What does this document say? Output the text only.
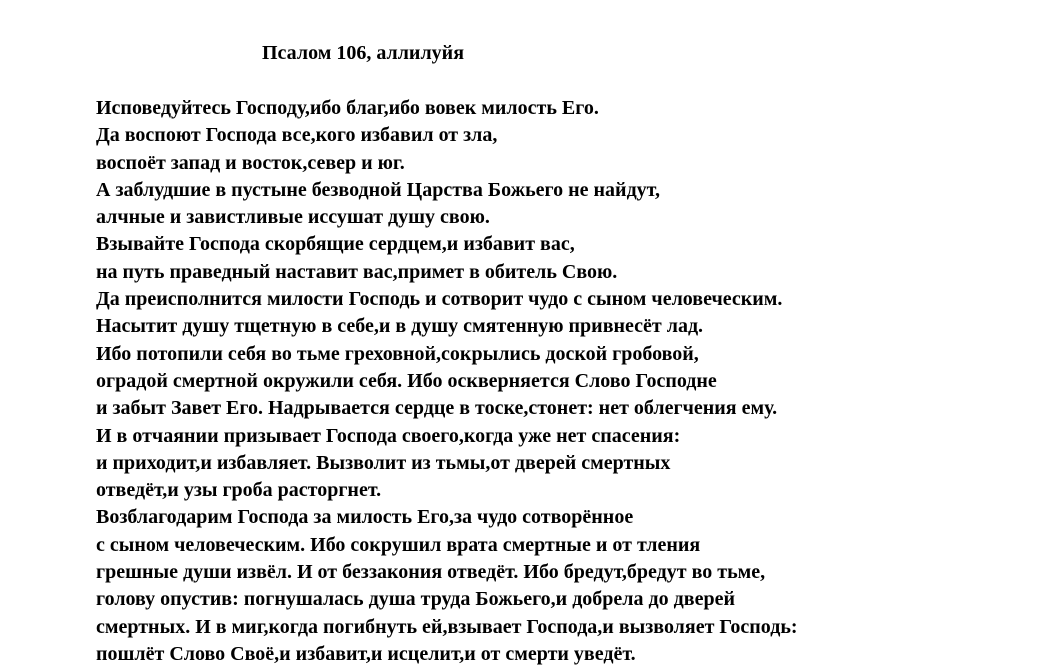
Псалом 106, аллилуйя
Исповедуйтесь Господу,ибо благ,ибо вовек милость Его.
Да воспоют Господа все,кого избавил от зла,
воспоёт запад и восток,север и юг.
А заблудшие в пустыне безводной Царства Божьего не найдут,
алчные и завистливые иссушат душу свою.
Взывайте Господа скорбящие сердцем,и избавит вас,
на путь праведный наставит вас,примет в обитель Свою.
Да преисполнится милости Господь и сотворит чудо с сыном человеческим.
Насытит душу тщетную в себе,и в душу смятенную привнесёт лад.
Ибо потопили себя во тьме греховной,сокрылись доской гробовой,
оградой смертной окружили себя. Ибо оскверняется Слово Господне
и забыт Завет Его. Надрывается сердце в тоске,стонет: нет облегчения ему.
И в отчаянии призывает Господа своего,когда уже нет спасения:
и приходит,и избавляет. Вызволит из тьмы,от дверей смертных
отведёт,и узы гроба расторгнет.
Возблагодарим Господа за милость Его,за чудо сотворённое
с сыном человеческим. Ибо сокрушил врата смертные и от тления
грешные души извёл. И от беззакония отведёт. Ибо бредут,бредут во тьме,
голову опустив: погнушалась душа труда Божьего,и добрела до дверей
смертных. И в миг,когда погибнуть ей,взывает Господа,и вызволяет Господь:
пошлёт Слово Своё,и избавит,и исцелит,и от смерти уведёт.
